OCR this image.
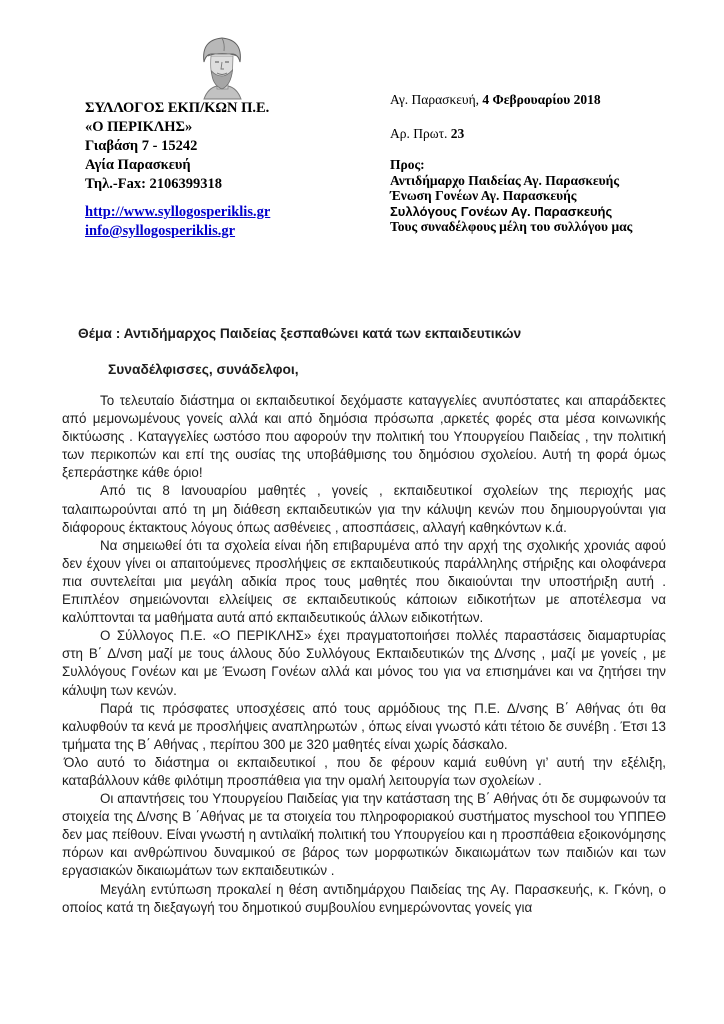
ΣΥΛΛΟΓΟΣ ΕΚΠ/ΚΩΝ Π.Ε.
«Ο ΠΕΡΙΚΛΗΣ»
Γιαβάση 7 - 15242
Αγία Παρασκευή
Τηλ.-Fax: 2106399318
http://www.syllogosperiklis.gr
info@syllogosperiklis.gr
Αγ. Παρασκευή, 4 Φεβρουαρίου 2018
Αρ. Πρωτ. 23
Προς:
Αντιδήμαρχο Παιδείας Αγ. Παρασκευής
Ένωση Γονέων Αγ. Παρασκευής
Συλλόγους Γονέων Αγ. Παρασκευής
Τους συναδέλφους μέλη του συλλόγου μας
Θέμα : Αντιδήμαρχος Παιδείας ξεσπαθώνει κατά των εκπαιδευτικών
Συναδέλφισσες, συνάδελφοι,

Το τελευταίο διάστημα οι εκπαιδευτικοί δεχόμαστε καταγγελίες ανυπόστατες και απαράδεκτες από μεμονωμένους γονείς αλλά και από δημόσια πρόσωπα ,αρκετές φορές στα μέσα κοινωνικής δικτύωσης . Καταγγελίες ωστόσο που αφορούν την πολιτική του Υπουργείου Παιδείας , την πολιτική των περικοπών και επί της ουσίας της υποβάθμισης του δημόσιου σχολείου. Αυτή τη φορά όμως ξεπεράστηκε κάθε όριο!

Από τις 8 Ιανουαρίου μαθητές , γονείς , εκπαιδευτικοί σχολείων της περιοχής μας ταλαιπωρούνται από τη μη διάθεση εκπαιδευτικών για την κάλυψη κενών που δημιουργούνται για διάφορους έκτακτους λόγους όπως ασθένειες , αποσπάσεις, αλλαγή καθηκόντων κ.ά.

Να σημειωθεί ότι τα σχολεία είναι ήδη επιβαρυμένα από την αρχή της σχολικής χρονιάς αφού δεν έχουν γίνει οι απαιτούμενες προσλήψεις σε εκπαιδευτικούς παράλληλης στήριξης και ολοφάνερα πια συντελείται μια μεγάλη αδικία προς τους μαθητές που δικαιούνται την υποστήριξη αυτή . Επιπλέον σημειώνονται ελλείψεις σε εκπαιδευτικούς κάποιων ειδικοτήτων με αποτέλεσμα να καλύπτονται τα μαθήματα αυτά από εκπαιδευτικούς άλλων ειδικοτήτων.

Ο Σύλλογος Π.Ε. «Ο ΠΕΡΙΚΛΗΣ» έχει πραγματοποιήσει πολλές παραστάσεις διαμαρτυρίας στη Β΄ Δ/νση μαζί με τους άλλους δύο Συλλόγους Εκπαιδευτικών της Δ/νσης , μαζί με γονείς , με Συλλόγους Γονέων και με Ένωση Γονέων αλλά και μόνος του για να επισημάνει και να ζητήσει την κάλυψη των κενών.

Παρά τις πρόσφατες υποσχέσεις από τους αρμόδιους της Π.Ε. Δ/νσης Β΄ Αθήνας ότι θα καλυφθούν τα κενά με προσλήψεις αναπληρωτών , όπως είναι γνωστό κάτι τέτοιο δε συνέβη . Έτσι 13 τμήματα της Β΄ Αθήνας , περίπου 300 με 320 μαθητές είναι χωρίς δάσκαλο.

Όλο αυτό το διάστημα οι εκπαιδευτικοί , που δε φέρουν καμιά ευθύνη γι’ αυτή την εξέλιξη, καταβάλλουν κάθε φιλότιμη προσπάθεια για την ομαλή λειτουργία των σχολείων .

Οι απαντήσεις του Υπουργείου Παιδείας για την κατάσταση της Β΄ Αθήνας ότι δε συμφωνούν τα στοιχεία της Δ/νσης Β ΄Αθήνας με τα στοιχεία του πληροφοριακού συστήματος myschool του ΥΠΠΕΘ δεν μας πείθουν. Είναι γνωστή η αντιλαϊκή πολιτική του Υπουργείου και η προσπάθεια εξοικονόμησης πόρων και ανθρώπινου δυναμικού σε βάρος των μορφωτικών δικαιωμάτων των παιδιών και των εργασιακών δικαιωμάτων των εκπαιδευτικών .

Μεγάλη εντύπωση προκαλεί η θέση αντιδημάρχου Παιδείας της Αγ. Παρασκευής, κ. Γκόνη, ο οποίος κατά τη διεξαγωγή του δημοτικού συμβουλίου ενημερώνοντας γονείς για
